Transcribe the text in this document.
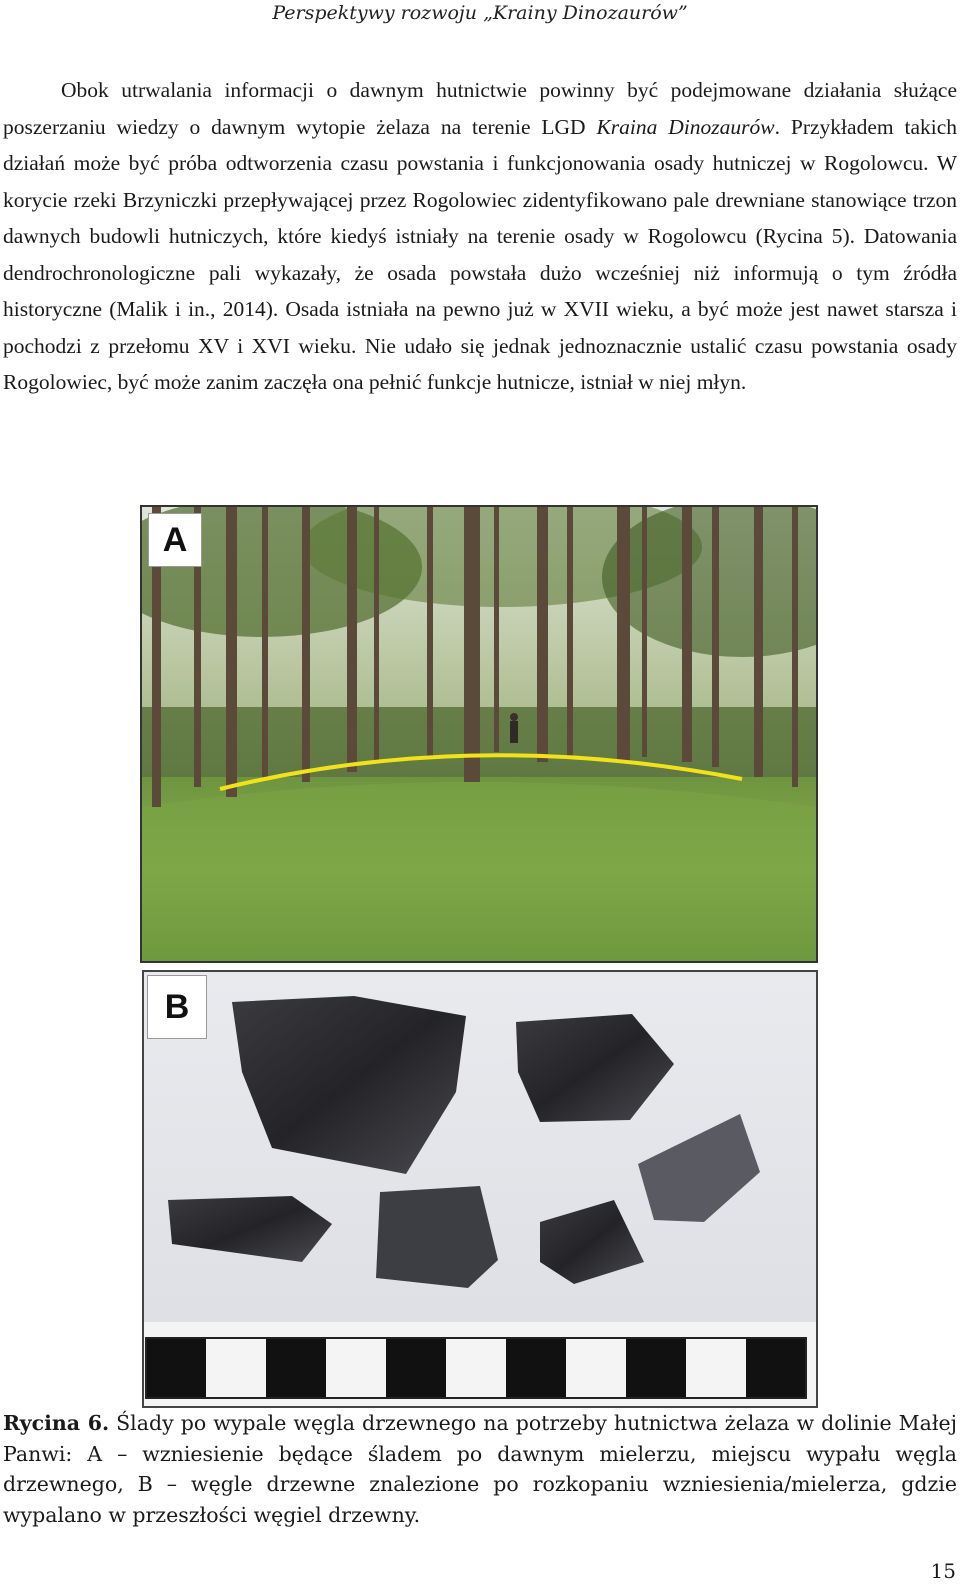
Perspektywy rozwoju „Krainy Dinozaurów”

Obok utrwalania informacji o dawnym hutnictwie powinny być podejmowane działania służące poszerzaniu wiedzy o dawnym wytopie żelaza na terenie LGD Kraina Dinozaurów. Przykładem takich działań może być próba odtworzenia czasu powstania i funkcjonowania osady hutniczej w Rogolowcu. W korycie rzeki Brzyniczki przepływającej przez Rogolowiec zidentyfikowano pale drewniane stanowiące trzon dawnych budowli hutniczych, które kiedyś istniały na terenie osady w Rogolowcu (Rycina 5). Datowania dendrochronologiczne pali wykazały, że osada powstała dużo wcześniej niż informują o tym źródła historyczne (Malik i in., 2014). Osada istniała na pewno już w XVII wieku, a być może jest nawet starsza i pochodzi z przełomu XV i XVI wieku. Nie udało się jednak jednoznacznie ustalić czasu powstania osady Rogolowiec, być może zanim zaczęła ona pełnić funkcje hutnicze, istniał w niej młyn.

A
B

Rycina 6. Ślady po wypale węgla drzewnego na potrzeby hutnictwa żelaza w dolinie Małej Panwi: A – wzniesienie będące śladem po dawnym mielerzu, miejscu wypału węgla drzewnego, B – węgle drzewne znalezione po rozkopaniu wzniesienia/mielerza, gdzie wypalano w przeszłości węgiel drzewny.

15
